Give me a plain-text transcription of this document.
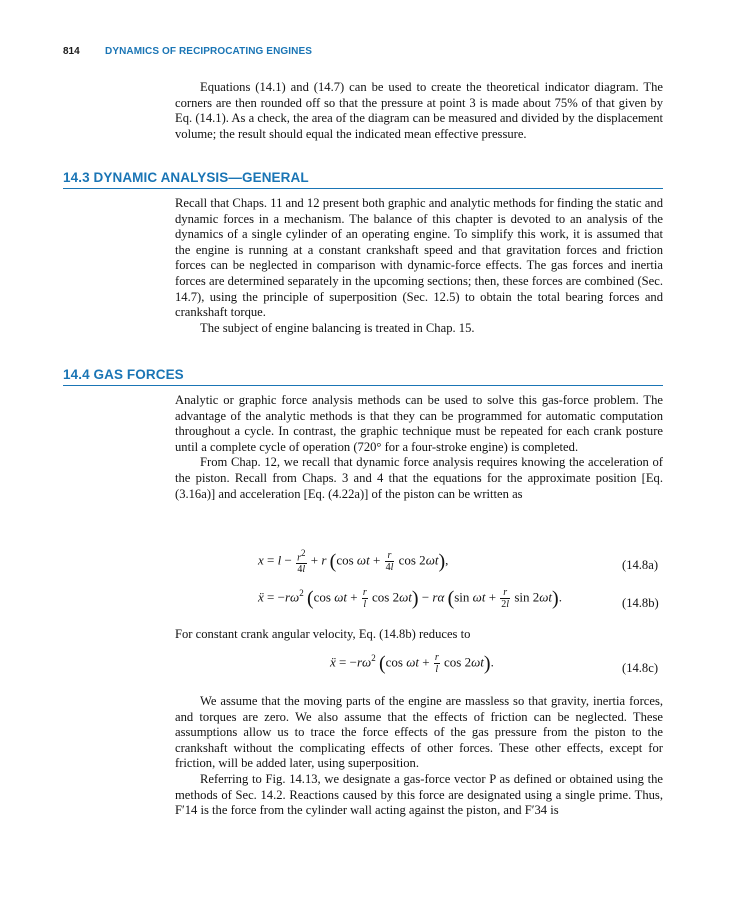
814	DYNAMICS OF RECIPROCATING ENGINES

Equations (14.1) and (14.7) can be used to create the theoretical indicator diagram. The corners are then rounded off so that the pressure at point 3 is made about 75% of that given by Eq. (14.1). As a check, the area of the diagram can be measured and divided by the displacement volume; the result should equal the indicated mean effective pressure.

14.3 DYNAMIC ANALYSIS—GENERAL

Recall that Chaps. 11 and 12 present both graphic and analytic methods for finding the static and dynamic forces in a mechanism. The balance of this chapter is devoted to an analysis of the dynamics of a single cylinder of an operating engine. To simplify this work, it is assumed that the engine is running at a constant crankshaft speed and that gravitation forces and friction forces can be neglected in comparison with dynamic-force effects. The gas forces and inertia forces are determined separately in the upcoming sections; then, these forces are combined (Sec. 14.7), using the principle of superposition (Sec. 12.5) to obtain the total bearing forces and crankshaft torque.

The subject of engine balancing is treated in Chap. 15.

14.4 GAS FORCES

Analytic or graphic force analysis methods can be used to solve this gas-force problem. The advantage of the analytic methods is that they can be programmed for automatic computation throughout a cycle. In contrast, the graphic technique must be repeated for each crank posture until a complete cycle of operation (720° for a four-stroke engine) is completed.

From Chap. 12, we recall that dynamic force analysis requires knowing the acceleration of the piston. Recall from Chaps. 3 and 4 that the equations for the approximate position [Eq. (3.16a)] and acceleration [Eq. (4.22a)] of the piston can be written as

$x = l - \frac{r^2}{4l} + r$ (cos $\omega t + \frac{r}{4l}$ cos 2ωt),	(14.8a)
ẍ = $-r\omega^2$ (cos $\omega t + \frac{r}{l}$ cos 2ωt) − rα (sin $\omega t + \frac{r}{2l}$ sin 2ωt).	(14.8b)

For constant crank angular velocity, Eq. (14.8b) reduces to

ẍ = $-r\omega^2$ (cos $\omega t + \frac{r}{l}$ cos 2ωt).	(14.8c)

We assume that the moving parts of the engine are massless so that gravity, inertia forces, and torques are zero. We also assume that the effects of friction can be neglected. These assumptions allow us to trace the force effects of the gas pressure from the piston to the crankshaft without the complicating effects of other forces. These other effects, except for friction, will be added later, using superposition.

Referring to Fig. 14.13, we designate a gas-force vector P as defined or obtained using the methods of Sec. 14.2. Reactions caused by this force are designated using a single prime. Thus, F′14 is the force from the cylinder wall acting against the piston, and F′34 is
